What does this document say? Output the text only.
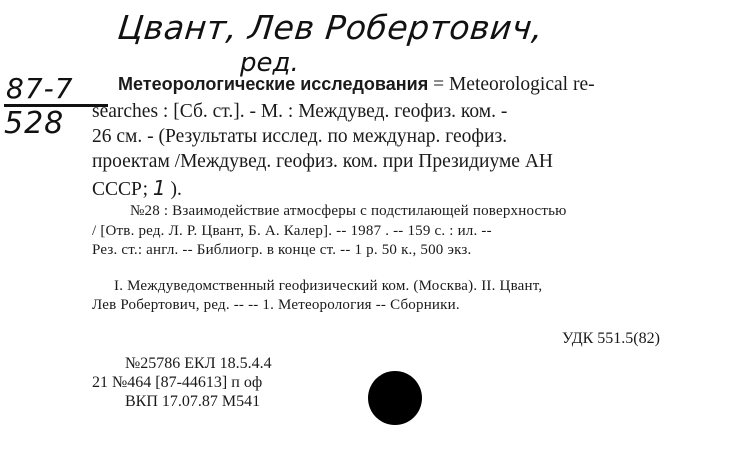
Цвант, Лев Робертович,
ред.
87-7
528
Метеорологические исследования = Meteorological re-
searches : [Сб. ст.]. - М. : Междувед. геофиз. ком. -
26 см. - (Результаты исслед. по междунар. геофиз.
проектам /Междувед. геофиз. ком. при Президиуме АН
СССР; 1 ).
№28 : Взаимодействие атмосферы с подстилающей поверхностью
/ [Отв. ред. Л. Р. Цвант, Б. А. Калер]. -- 1987 . -- 159 с. : ил. --
Рез. ст.: англ. -- Библиогр. в конце ст. -- 1 р. 50 к., 500 экз.
I. Междуведомственный геофизический ком. (Москва). II. Цвант,
Лев Робертович, ред. -- -- 1. Метеорология -- Сборники.
УДК 551.5(82)
№25786 ЕКЛ 18.5.4.4
21 №464 [87-44613] п оф
ВКП 17.07.87 М541
